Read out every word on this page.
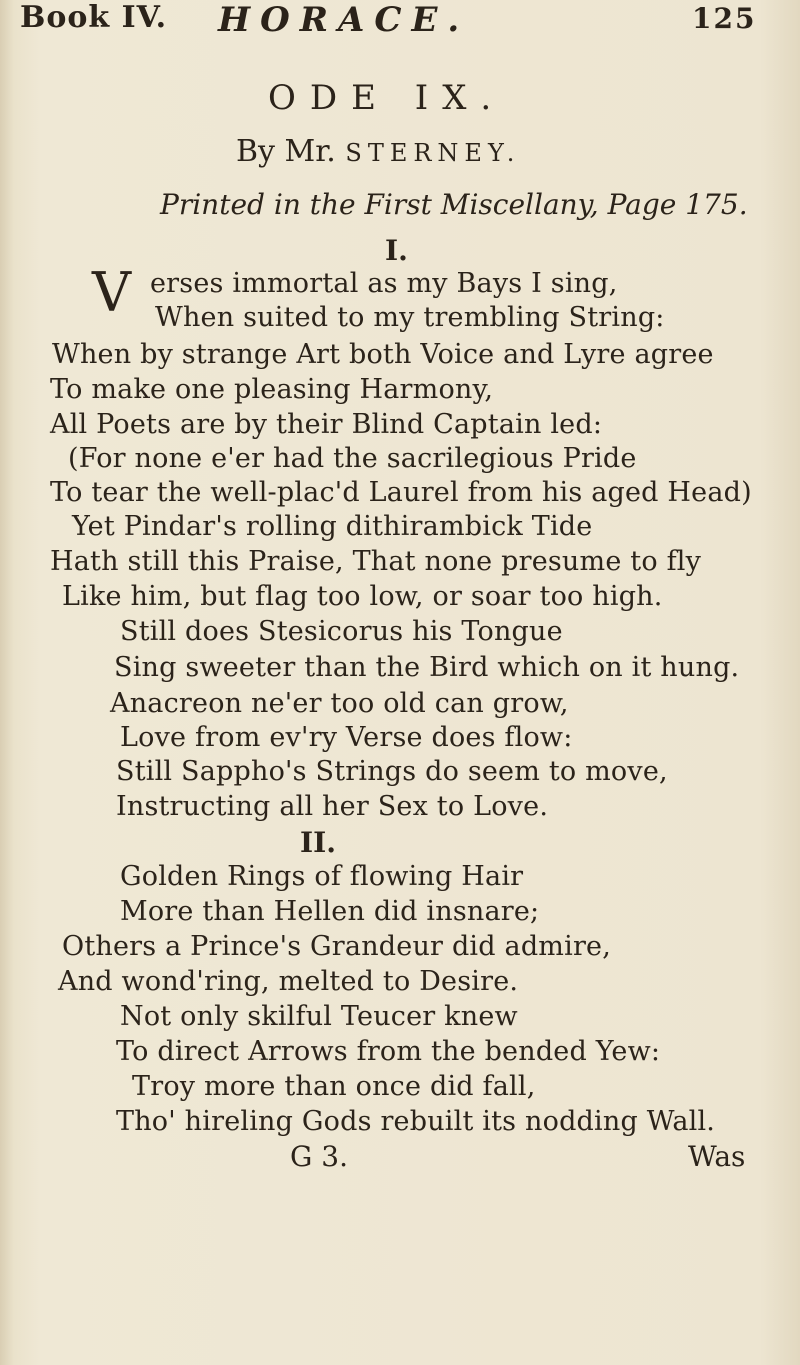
Book IV. HORACE.	125
ODE IX.
By Mr. STERNEY.
Printed in the First Miscellany, Page 175.
I.
V erses immortal as my Bays I sing,
When suited to my trembling String:
When by strange Art both Voice and Lyre agree
To make one pleasing Harmony,
All Poets are by their Blind Captain led:
(For none e'er had the sacrilegious Pride
To tear the well-plac'd Laurel from his aged Head)
Yet Pindar's rolling dithirambick Tide
Hath still this Praise, That none presume to fly
Like him, but flag too low, or soar too high.
Still does Stesicorus his Tongue
Sing sweeter than the Bird which on it hung.
Anacreon ne'er too old can grow,
Love from ev'ry Verse does flow:
Still Sappho's Strings do seem to move,
Instructing all her Sex to Love.
II.
Golden Rings of flowing Hair
More than Hellen did insnare;
Others a Prince's Grandeur did admire,
And wond'ring, melted to Desire.
Not only skilful Teucer knew
To direct Arrows from the bended Yew:
Troy more than once did fall,
Tho' hireling Gods rebuilt its nodding Wall.
G 3.	Was
